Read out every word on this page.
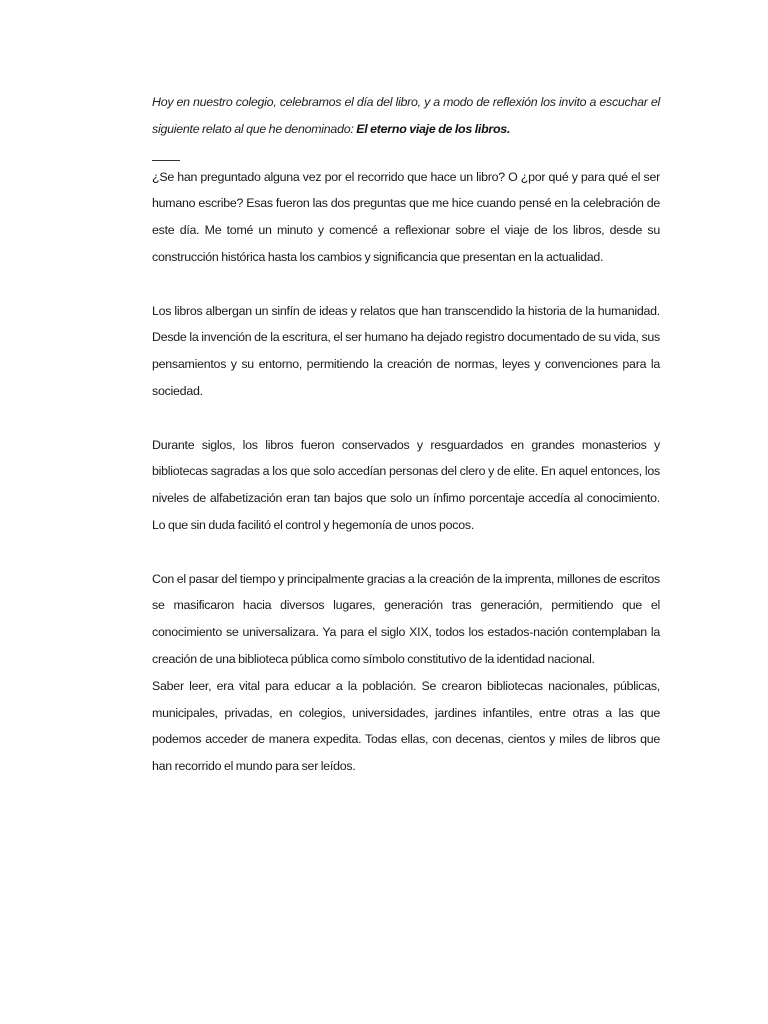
Hoy en nuestro colegio, celebramos el día del libro, y a modo de reflexión los invito a escuchar el siguiente relato al que he denominado: El eterno viaje de los libros.

¿Se han preguntado alguna vez por el recorrido que hace un libro? O ¿por qué y para qué el ser humano escribe? Esas fueron las dos preguntas que me hice cuando pensé en la celebración de este día. Me tomé un minuto y comencé a reflexionar sobre el viaje de los libros, desde su construcción histórica hasta los cambios y significancia que presentan en la actualidad.

Los libros albergan un sinfín de ideas y relatos que han transcendido la historia de la humanidad. Desde la invención de la escritura, el ser humano ha dejado registro documentado de su vida, sus pensamientos y su entorno, permitiendo la creación de normas, leyes y convenciones para la sociedad.

Durante siglos, los libros fueron conservados y resguardados en grandes monasterios y bibliotecas sagradas a los que solo accedían personas del clero y de elite. En aquel entonces, los niveles de alfabetización eran tan bajos que solo un ínfimo porcentaje accedía al conocimiento. Lo que sin duda facilitó el control y hegemonía de unos pocos.

Con el pasar del tiempo y principalmente gracias a la creación de la imprenta, millones de escritos se masificaron hacia diversos lugares, generación tras generación, permitiendo que el conocimiento se universalizara. Ya para el siglo XIX, todos los estados-nación contemplaban la creación de una biblioteca pública como símbolo constitutivo de la identidad nacional.

Saber leer, era vital para educar a la población. Se crearon bibliotecas nacionales, públicas, municipales, privadas, en colegios, universidades, jardines infantiles, entre otras a las que podemos acceder de manera expedita. Todas ellas, con decenas, cientos y miles de libros que han recorrido el mundo para ser leídos.
